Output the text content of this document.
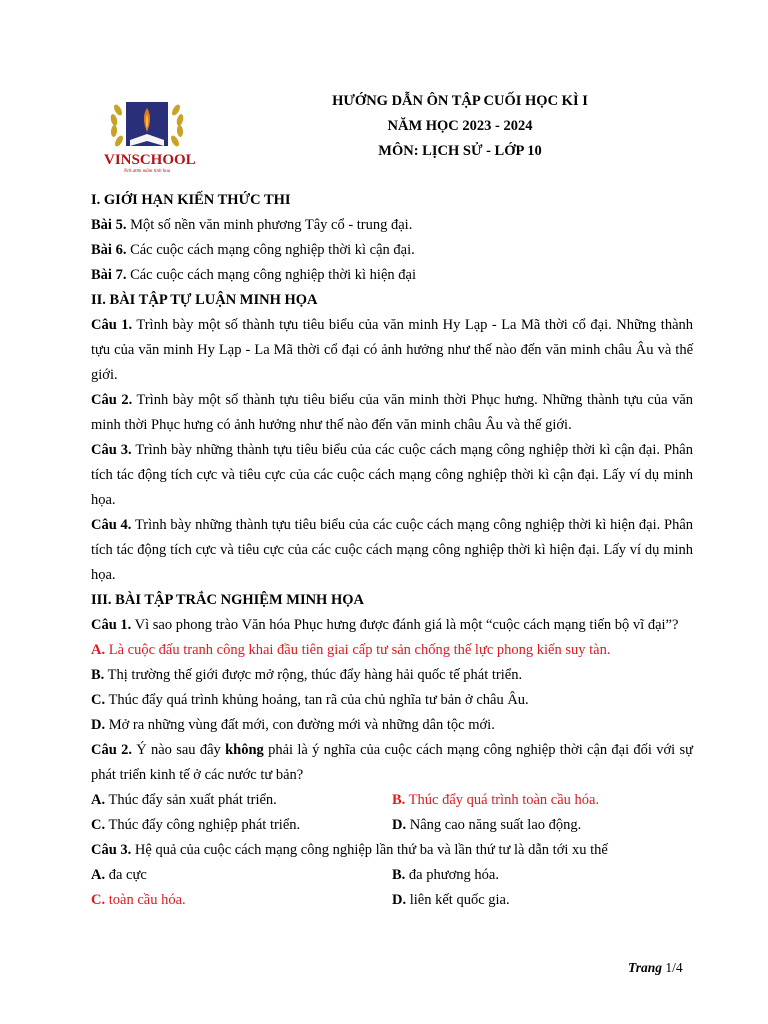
VINSCHOOL
Nơi ươm mầm tinh hoa
HƯỚNG DẪN ÔN TẬP CUỐI HỌC KÌ I
NĂM HỌC 2023 - 2024
MÔN: LỊCH SỬ - LỚP 10

I. GIỚI HẠN KIẾN THỨC THI

Bài 5. Một số nền văn minh phương Tây cổ - trung đại.

Bài 6. Các cuộc cách mạng công nghiệp thời kì cận đại.

Bài 7. Các cuộc cách mạng công nghiệp thời kì hiện đại

II. BÀI TẬP TỰ LUẬN MINH HỌA

Câu 1. Trình bày một số thành tựu tiêu biểu của văn minh Hy Lạp - La Mã thời cổ đại. Những thành tựu của văn minh Hy Lạp - La Mã thời cổ đại có ảnh hưởng như thế nào đến văn minh châu Âu và thế giới.

Câu 2. Trình bày một số thành tựu tiêu biểu của văn minh thời Phục hưng. Những thành tựu của văn minh thời Phục hưng có ảnh hưởng như thế nào đến văn minh châu Âu và thế giới.

Câu 3. Trình bày những thành tựu tiêu biểu của các cuộc cách mạng công nghiệp thời kì cận đại. Phân tích tác động tích cực và tiêu cực của các cuộc cách mạng công nghiệp thời kì cận đại. Lấy ví dụ minh họa.

Câu 4. Trình bày những thành tựu tiêu biểu của các cuộc cách mạng công nghiệp thời kì hiện đại. Phân tích tác động tích cực và tiêu cực của các cuộc cách mạng công nghiệp thời kì hiện đại. Lấy ví dụ minh họa.

III. BÀI TẬP TRẮC NGHIỆM MINH HỌA

Câu 1. Vì sao phong trào Văn hóa Phục hưng được đánh giá là một “cuộc cách mạng tiến bộ vĩ đại”?

A. Là cuộc đấu tranh công khai đầu tiên giai cấp tư sản chống thế lực phong kiến suy tàn.

B. Thị trường thế giới được mở rộng, thúc đẩy hàng hải quốc tế phát triển.

C. Thúc đẩy quá trình khủng hoảng, tan rã của chủ nghĩa tư bản ở châu Âu.

D. Mở ra những vùng đất mới, con đường mới và những dân tộc mới.

Câu 2. Ý nào sau đây không phải là ý nghĩa của cuộc cách mạng công nghiệp thời cận đại đối với sự phát triển kinh tế ở các nước tư bản?

A. Thúc đẩy sản xuất phát triển.	B. Thúc đẩy quá trình toàn cầu hóa.
C. Thúc đẩy công nghiệp phát triển.	D. Nâng cao năng suất lao động.

Câu 3. Hệ quả của cuộc cách mạng công nghiệp lần thứ ba và lần thứ tư là dẫn tới xu thế

A. đa cực	B. đa phương hóa.
C. toàn cầu hóa.	D. liên kết quốc gia.
Trang 1/4
